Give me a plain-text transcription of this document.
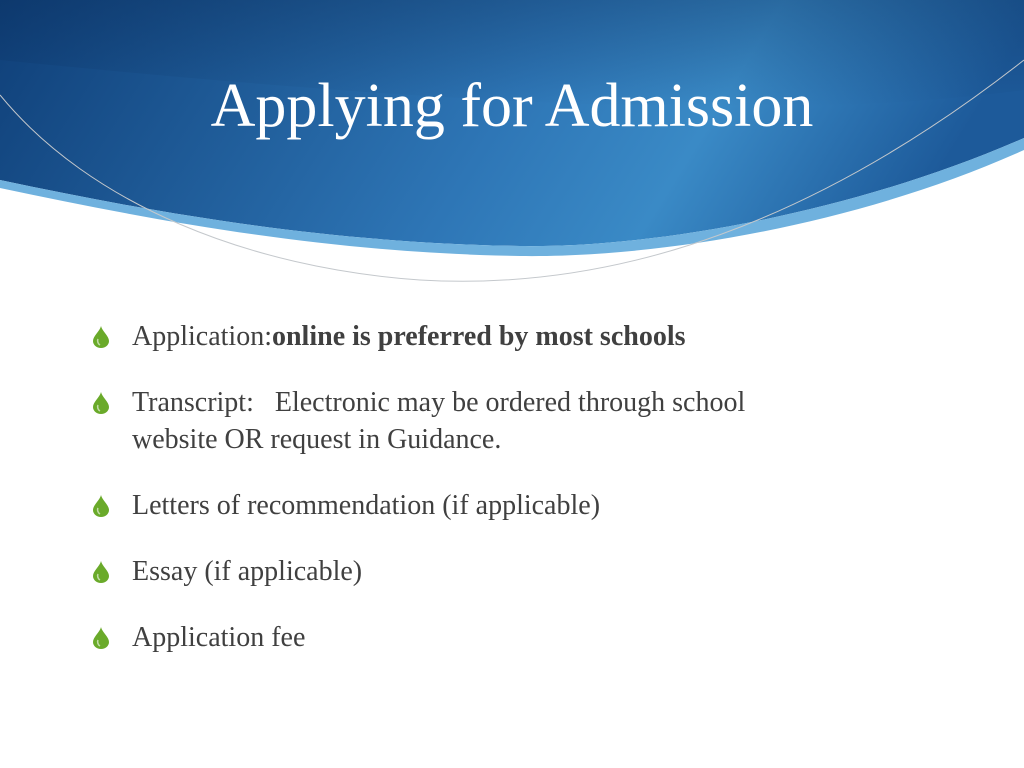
Applying for Admission
Application:online is preferred by most schools
Transcript:   Electronic may be ordered through school
website OR request in Guidance.
Letters of recommendation (if applicable)
Essay (if applicable)
Application fee
